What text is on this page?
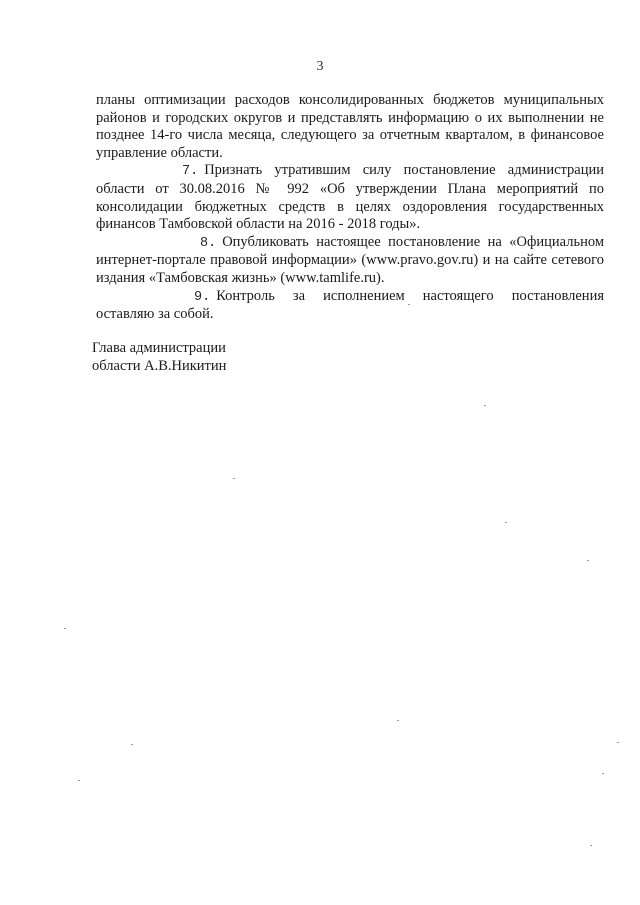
3

планы оптимизации расходов консолидированных бюджетов муниципальных районов и городских округов и представлять информацию о их выполнении не позднее 14-го числа месяца, следующего за отчетным кварталом, в финансовое управление области.

7. Признать утратившим силу постановление администрации области от 30.08.2016 № 992 «Об утверждении Плана мероприятий по консолидации бюджетных средств в целях оздоровления государственных финансов Тамбовской области на 2016 - 2018 годы».

8. Опубликовать настоящее постановление на «Официальном интернет-портале правовой информации» (www.pravo.gov.ru) и на сайте сетевого издания «Тамбовская жизнь» (www.tamlife.ru).

9. Контроль за исполнением настоящего постановления оставляю за собой.

Глава администрации
области А.В.Никитин
